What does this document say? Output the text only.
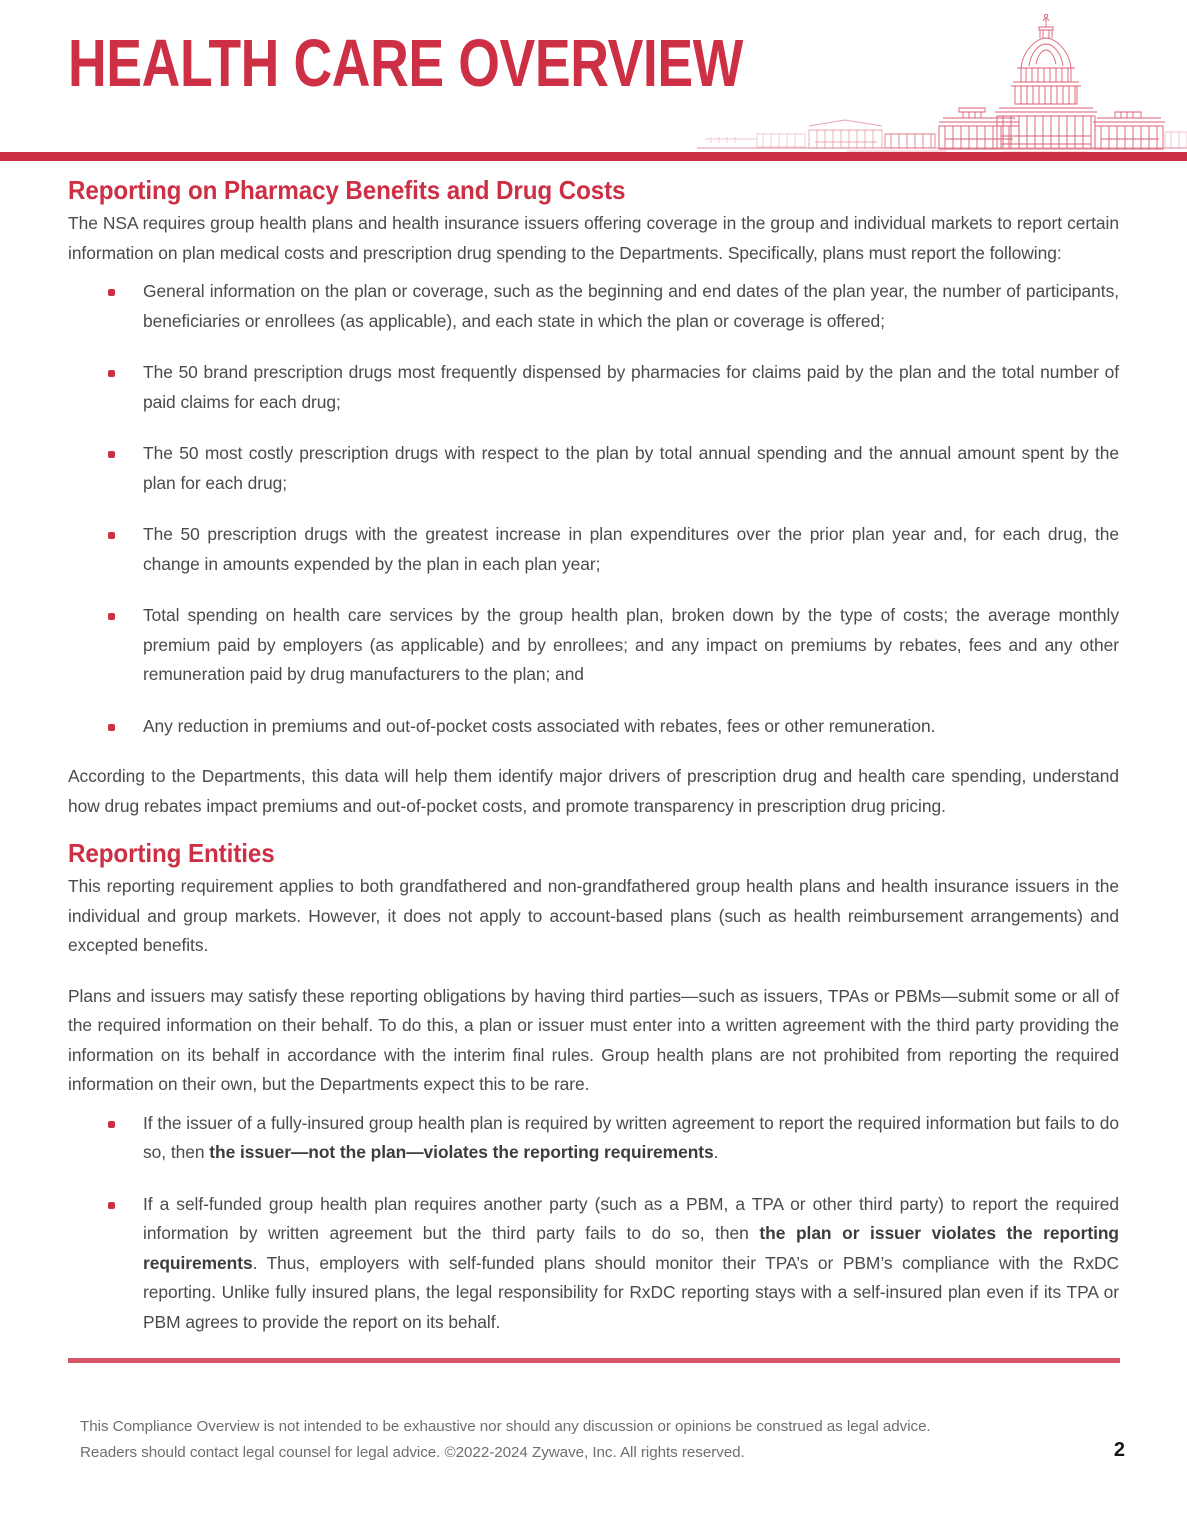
HEALTH CARE OVERVIEW
Reporting on Pharmacy Benefits and Drug Costs

The NSA requires group health plans and health insurance issuers offering coverage in the group and individual markets to report certain information on plan medical costs and prescription drug spending to the Departments. Specifically, plans must report the following:

General information on the plan or coverage, such as the beginning and end dates of the plan year, the number of participants, beneficiaries or enrollees (as applicable), and each state in which the plan or coverage is offered;
The 50 brand prescription drugs most frequently dispensed by pharmacies for claims paid by the plan and the total number of paid claims for each drug;
The 50 most costly prescription drugs with respect to the plan by total annual spending and the annual amount spent by the plan for each drug;
The 50 prescription drugs with the greatest increase in plan expenditures over the prior plan year and, for each drug, the change in amounts expended by the plan in each plan year;
Total spending on health care services by the group health plan, broken down by the type of costs; the average monthly premium paid by employers (as applicable) and by enrollees; and any impact on premiums by rebates, fees and any other remuneration paid by drug manufacturers to the plan; and
Any reduction in premiums and out-of-pocket costs associated with rebates, fees or other remuneration.

According to the Departments, this data will help them identify major drivers of prescription drug and health care spending, understand how drug rebates impact premiums and out-of-pocket costs, and promote transparency in prescription drug pricing.

Reporting Entities

This reporting requirement applies to both grandfathered and non-grandfathered group health plans and health insurance issuers in the individual and group markets. However, it does not apply to account-based plans (such as health reimbursement arrangements) and excepted benefits.

Plans and issuers may satisfy these reporting obligations by having third parties—such as issuers, TPAs or PBMs—submit some or all of the required information on their behalf. To do this, a plan or issuer must enter into a written agreement with the third party providing the information on its behalf in accordance with the interim final rules. Group health plans are not prohibited from reporting the required information on their own, but the Departments expect this to be rare.

If the issuer of a fully-insured group health plan is required by written agreement to report the required information but fails to do so, then the issuer—not the plan—violates the reporting requirements.
If a self-funded group health plan requires another party (such as a PBM, a TPA or other third party) to report the required information by written agreement but the third party fails to do so, then the plan or issuer violates the reporting requirements. Thus, employers with self-funded plans should monitor their TPA’s or PBM’s compliance with the RxDC reporting. Unlike fully insured plans, the legal responsibility for RxDC reporting stays with a self-insured plan even if its TPA or PBM agrees to provide the report on its behalf.
This Compliance Overview is not intended to be exhaustive nor should any discussion or opinions be construed as legal advice. Readers should contact legal counsel for legal advice. ©2022-2024 Zywave, Inc. All rights reserved.	2
